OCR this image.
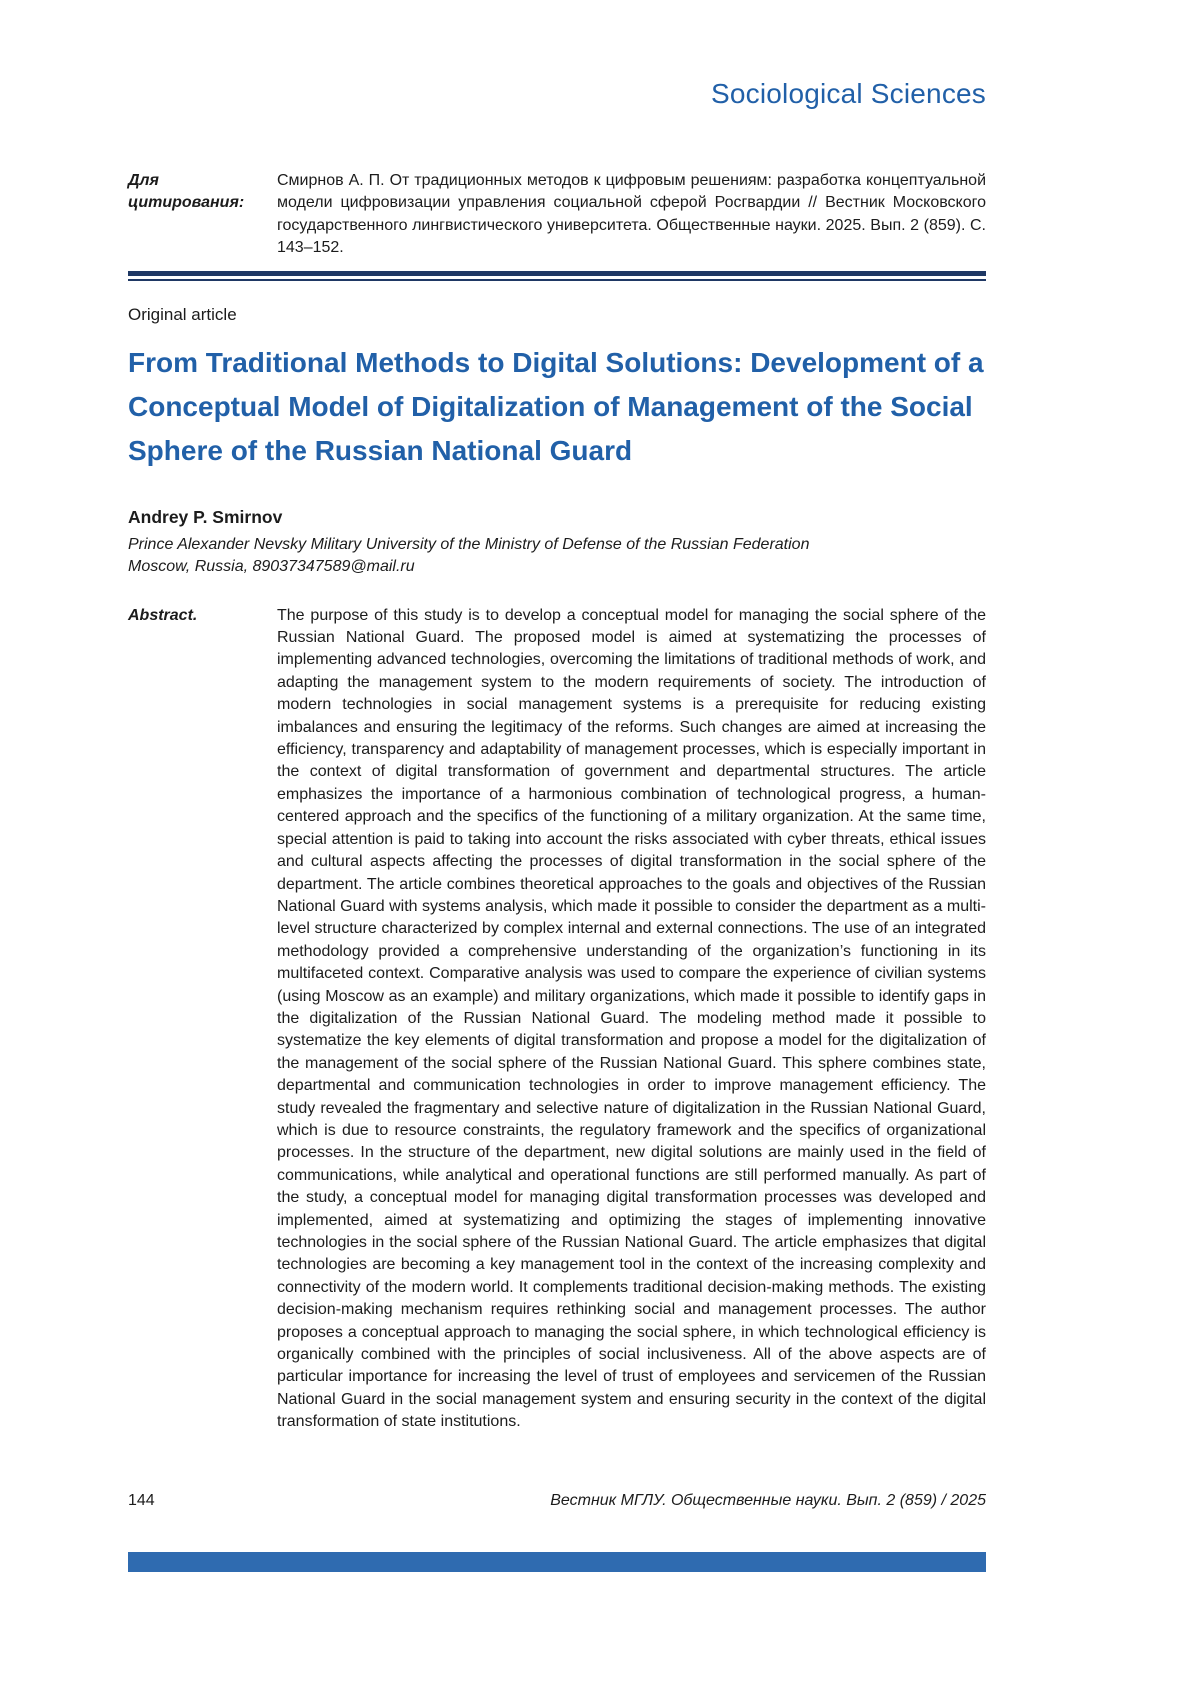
Sociological Sciences
Для цитирования:
Смирнов А. П. От традиционных методов к цифровым решениям: разработка концептуальной модели цифровизации управления социальной сферой Росгвардии // Вестник Московского государственного лингвистического университета. Общественные науки. 2025. Вып. 2 (859). С. 143–152.
Original article
From Traditional Methods to Digital Solutions: Development of a Conceptual Model of Digitalization of Management of the Social Sphere of the Russian National Guard
Andrey P. Smirnov
Prince Alexander Nevsky Military University of the Ministry of Defense of the Russian Federation
Moscow, Russia, 89037347589@mail.ru
Abstract.	The purpose of this study is to develop a conceptual model for managing the social sphere of the Russian National Guard. The proposed model is aimed at systematizing the processes of implementing advanced technologies, overcoming the limitations of traditional methods of work, and adapting the management system to the modern requirements of society. The introduction of modern technologies in social management systems is a prerequisite for reducing existing imbalances and ensuring the legitimacy of the reforms. Such changes are aimed at increasing the efficiency, transparency and adaptability of management processes, which is especially important in the context of digital transformation of government and departmental structures. The article emphasizes the importance of a harmonious combination of technological progress, a human-centered approach and the specifics of the functioning of a military organization. At the same time, special attention is paid to taking into account the risks associated with cyber threats, ethical issues and cultural aspects affecting the processes of digital transformation in the social sphere of the department. The article combines theoretical approaches to the goals and objectives of the Russian National Guard with systems analysis, which made it possible to consider the department as a multi-level structure characterized by complex internal and external connections. The use of an integrated methodology provided a comprehensive understanding of the organization’s functioning in its multifaceted context. Comparative analysis was used to compare the experience of civilian systems (using Moscow as an example) and military organizations, which made it possible to identify gaps in the digitalization of the Russian National Guard. The modeling method made it possible to systematize the key elements of digital transformation and propose a model for the digitalization of the management of the social sphere of the Russian National Guard. This sphere combines state, departmental and communication technologies in order to improve management efficiency. The study revealed the fragmentary and selective nature of digitalization in the Russian National Guard, which is due to resource constraints, the regulatory framework and the specifics of organizational processes. In the structure of the department, new digital solutions are mainly used in the field of communications, while analytical and operational functions are still performed manually. As part of the study, a conceptual model for managing digital transformation processes was developed and implemented, aimed at systematizing and optimizing the stages of implementing innovative technologies in the social sphere of the Russian National Guard. The article emphasizes that digital technologies are becoming a key management tool in the context of the increasing complexity and connectivity of the modern world. It complements traditional decision-making methods. The existing decision-making mechanism requires rethinking social and management processes. The author proposes a conceptual approach to managing the social sphere, in which technological efficiency is organically combined with the principles of social inclusiveness. All of the above aspects are of particular importance for increasing the level of trust of employees and servicemen of the Russian National Guard in the social management system and ensuring security in the context of the digital transformation of state institutions.
144	Вестник МГЛУ. Общественные науки. Вып. 2 (859) / 2025
